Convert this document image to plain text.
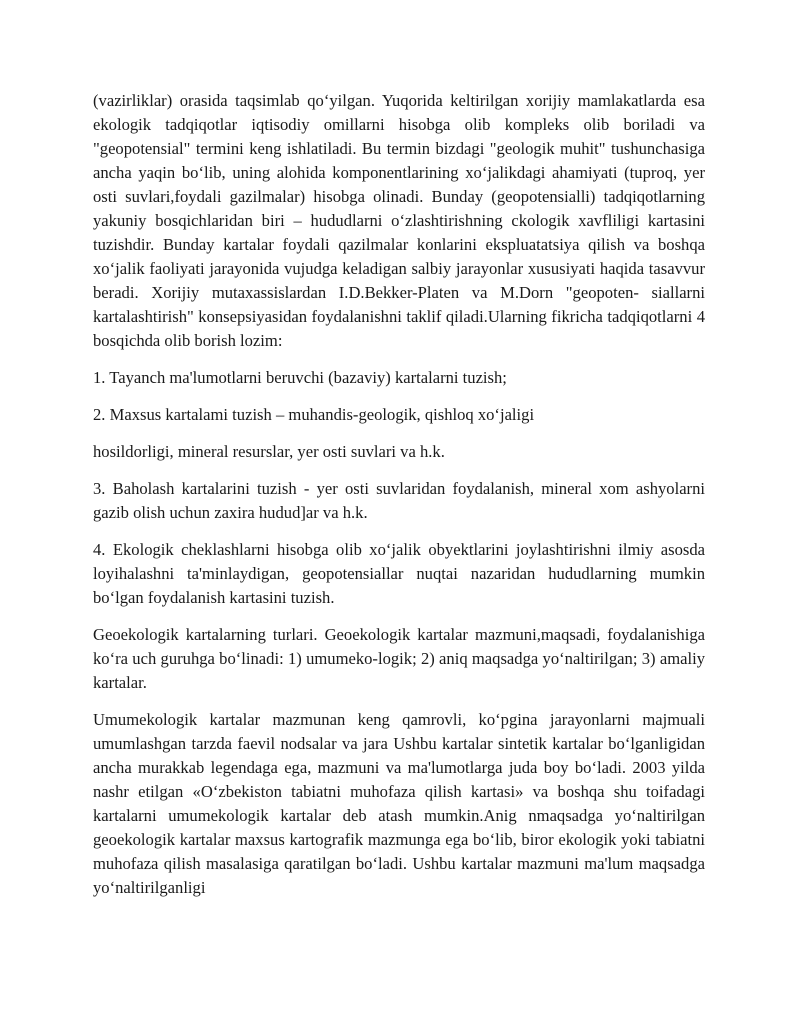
(vazirliklar) orasida taqsimlab qo‘yilgan. Yuqorida keltirilgan xorijiy mamlakatlarda esa ekologik tadqiqotlar iqtisodiy omillarni hisobga olib kompleks olib boriladi va "geopotensial" termini keng ishlatiladi. Bu termin bizdagi "geologik muhit" tushunchasiga ancha yaqin bo‘lib, uning alohida komponentlarining xo‘jalikdagi ahamiyati (tuproq, yer osti suvlari,foydali gazilmalar) hisobga olinadi. Bunday (geopotensialli) tadqiqotlarning yakuniy bosqichlaridan biri – hududlarni o‘zlashtirishning ckologik xavfliligi kartasini tuzishdir. Bunday kartalar foydali qazilmalar konlarini ekspluatatsiya qilish va boshqa xo‘jalik faoliyati jarayonida vujudga keladigan salbiy jarayonlar xususiyati haqida tasavvur beradi. Xorijiy mutaxassislardan I.D.Bekker-Platen va M.Dorn "geopoten- siallarni kartalashtirish" konsepsiyasidan foydalanishni taklif qiladi.Ularning fikricha tadqiqotlarni 4 bosqichda olib borish lozim:

1. Tayanch ma'lumotlarni beruvchi (bazaviy) kartalarni tuzish;

2. Maxsus kartalami tuzish – muhandis-geologik, qishloq xo‘jaligi

hosildorligi, mineral resurslar, yer osti suvlari va h.k.

3. Baholash kartalarini tuzish - yer osti suvlaridan foydalanish, mineral xom ashyolarni gazib olish uchun zaxira hudud]ar va h.k.

4. Ekologik cheklashlarni hisobga olib xo‘jalik obyektlarini joylashtirishni ilmiy asosda loyihalashni ta'minlaydigan, geopotensiallar nuqtai nazaridan hududlarning mumkin bo‘lgan foydalanish kartasini tuzish.

Geoekologik kartalarning turlari. Geoekologik kartalar mazmuni,maqsadi, foydalanishiga ko‘ra uch guruhga bo‘linadi: 1) umumeko-logik; 2) aniq maqsadga yo‘naltirilgan; 3) amaliy kartalar.

Umumekologik kartalar mazmunan keng qamrovli, ko‘pgina jarayonlarni majmuali umumlashgan tarzda faevil nodsalar va jara Ushbu kartalar sintetik kartalar bo‘lganligidan ancha murakkab legendaga ega, mazmuni va ma'lumotlarga juda boy bo‘ladi. 2003 yilda nashr etilgan «O‘zbekiston tabiatni muhofaza qilish kartasi» va boshqa shu toifadagi kartalarni umumekologik kartalar deb atash mumkin.Anig nmaqsadga yo‘naltirilgan geoekologik kartalar maxsus kartografik mazmunga ega bo‘lib, biror ekologik yoki tabiatni muhofaza qilish masalasiga qaratilgan bo‘ladi. Ushbu kartalar mazmuni ma'lum maqsadga yo‘naltirilganligi
